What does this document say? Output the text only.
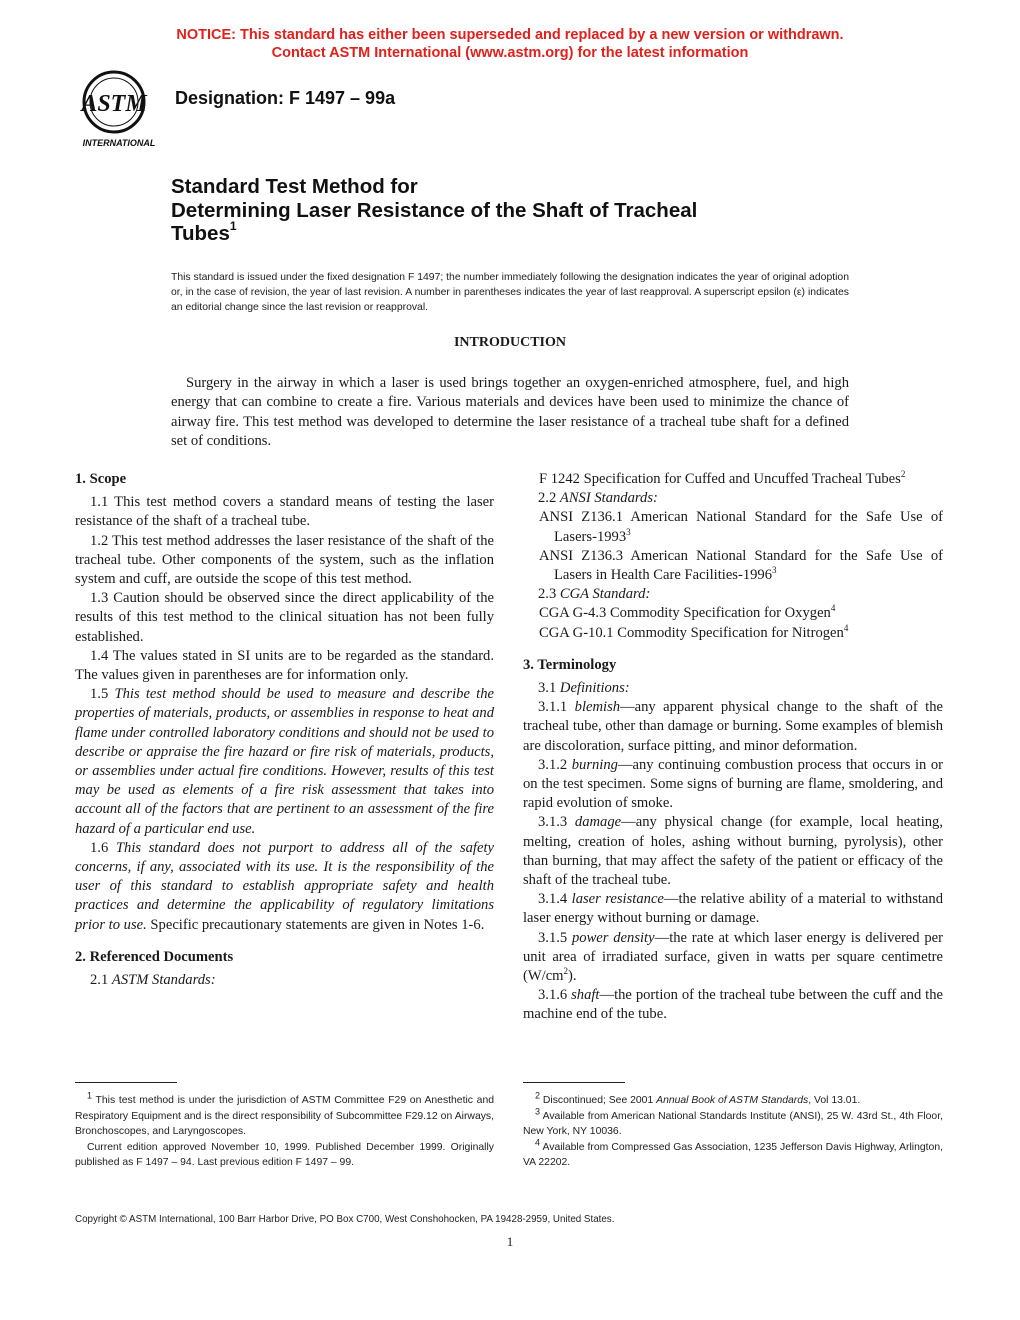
NOTICE: This standard has either been superseded and replaced by a new version or withdrawn.
Contact ASTM International (www.astm.org) for the latest information
ASTM
INTERNATIONAL
Designation: F 1497 – 99a
Standard Test Method for
Determining Laser Resistance of the Shaft of Tracheal
Tubes$^1$
This standard is issued under the fixed designation F 1497; the number immediately following the designation indicates the year of original adoption or, in the case of revision, the year of last revision. A number in parentheses indicates the year of last reapproval. A superscript epsilon (ε) indicates an editorial change since the last revision or reapproval.
INTRODUCTION
Surgery in the airway in which a laser is used brings together an oxygen-enriched atmosphere, fuel, and high energy that can combine to create a fire. Various materials and devices have been used to minimize the chance of airway fire. This test method was developed to determine the laser resistance of a tracheal tube shaft for a defined set of conditions.
1. Scope

1.1 This test method covers a standard means of testing the laser resistance of the shaft of a tracheal tube.

1.2 This test method addresses the laser resistance of the shaft of the tracheal tube. Other components of the system, such as the inflation system and cuff, are outside the scope of this test method.

1.3 Caution should be observed since the direct applicability of the results of this test method to the clinical situation has not been fully established.

1.4 The values stated in SI units are to be regarded as the standard. The values given in parentheses are for information only.

1.5 This test method should be used to measure and describe the properties of materials, products, or assemblies in response to heat and flame under controlled laboratory conditions and should not be used to describe or appraise the fire hazard or fire risk of materials, products, or assemblies under actual fire conditions. However, results of this test may be used as elements of a fire risk assessment that takes into account all of the factors that are pertinent to an assessment of the fire hazard of a particular end use.

1.6 This standard does not purport to address all of the safety concerns, if any, associated with its use. It is the responsibility of the user of this standard to establish appropriate safety and health practices and determine the applicability of regulatory limitations prior to use. Specific precautionary statements are given in Notes 1-6.

2. Referenced Documents

2.1 ASTM Standards:

F 1242 Specification for Cuffed and Uncuffed Tracheal Tubes$^2$

2.2 ANSI Standards:

ANSI Z136.1 American National Standard for the Safe Use of Lasers-1993$^3$

ANSI Z136.3 American National Standard for the Safe Use of Lasers in Health Care Facilities-1996$^3$

2.3 CGA Standard:

CGA G-4.3 Commodity Specification for Oxygen$^4$

CGA G-10.1 Commodity Specification for Nitrogen$^4$

3. Terminology

3.1 Definitions:

3.1.1 blemish—any apparent physical change to the shaft of the tracheal tube, other than damage or burning. Some examples of blemish are discoloration, surface pitting, and minor deformation.

3.1.2 burning—any continuing combustion process that occurs in or on the test specimen. Some signs of burning are flame, smoldering, and rapid evolution of smoke.

3.1.3 damage—any physical change (for example, local heating, melting, creation of holes, ashing without burning, pyrolysis), other than burning, that may affect the safety of the patient or efficacy of the shaft of the tracheal tube.

3.1.4 laser resistance—the relative ability of a material to withstand laser energy without burning or damage.

3.1.5 power density—the rate at which laser energy is delivered per unit area of irradiated surface, given in watts per square centimetre $(W/cm^2)$.

3.1.6 shaft—the portion of the tracheal tube between the cuff and the machine end of the tube.

$^1$ This test method is under the jurisdiction of ASTM Committee F29 on Anesthetic and Respiratory Equipment and is the direct responsibility of Subcommittee F29.12 on Airways, Bronchoscopes, and Laryngoscopes.

Current edition approved November 10, 1999. Published December 1999. Originally published as F 1497 – 94. Last previous edition F 1497 – 99.

$^2$ Discontinued; See 2001 Annual Book of ASTM Standards, Vol 13.01.

$^3$ Available from American National Standards Institute (ANSI), 25 W. 43rd St., 4th Floor, New York, NY 10036.

$^4$ Available from Compressed Gas Association, 1235 Jefferson Davis Highway, Arlington, VA 22202.

Copyright © ASTM International, 100 Barr Harbor Drive, PO Box C700, West Conshohocken, PA 19428-2959, United States.
1
